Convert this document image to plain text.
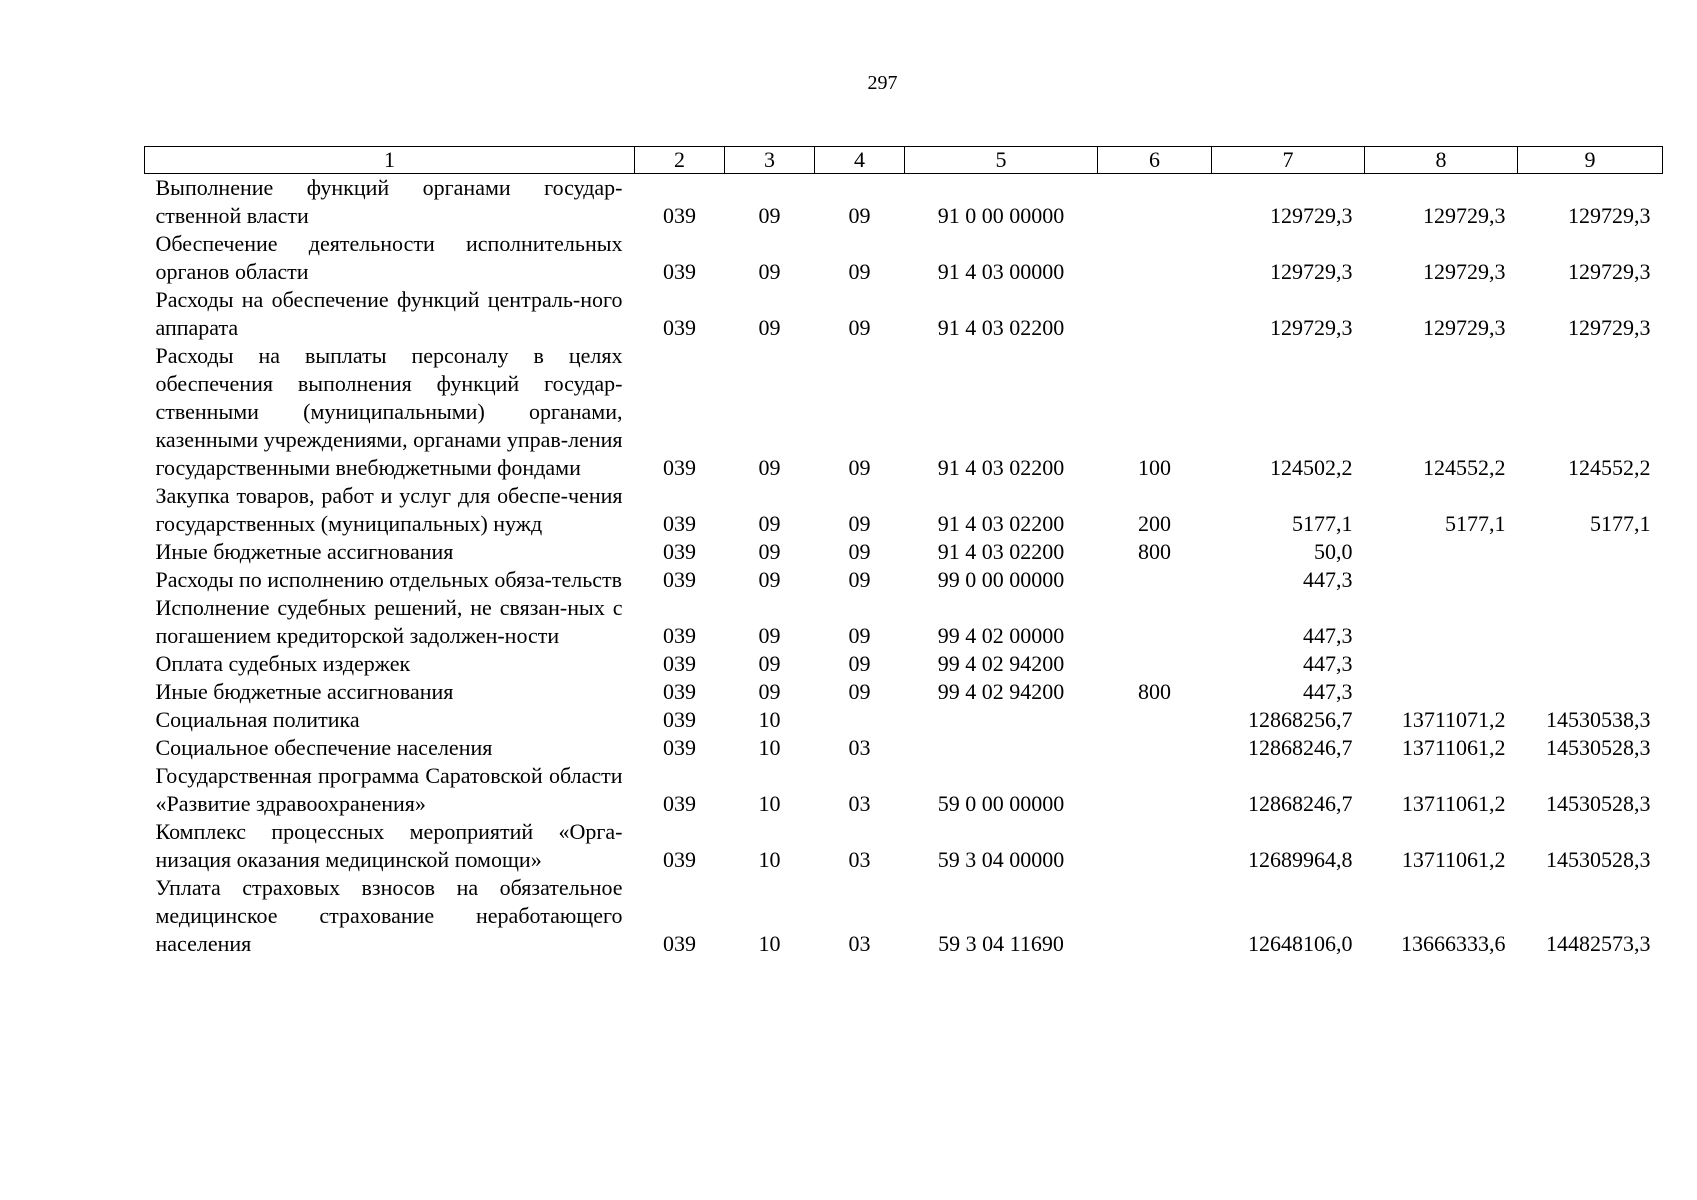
297
1	2	3	4	5	6	7	8	9
Выполнение функций органами государ-ственной власти	039	09	09	91 0 00 00000		129729,3	129729,3	129729,3
Обеспечение деятельности исполнительных органов области	039	09	09	91 4 03 00000		129729,3	129729,3	129729,3
Расходы на обеспечение функций централь-ного аппарата	039	09	09	91 4 03 02200		129729,3	129729,3	129729,3
Расходы на выплаты персоналу в целях обеспечения выполнения функций государ-ственными (муниципальными) органами, казенными учреждениями, органами управ-ления государственными внебюджетными фондами	039	09	09	91 4 03 02200	100	124502,2	124552,2	124552,2
Закупка товаров, работ и услуг для обеспе-чения государственных (муниципальных) нужд	039	09	09	91 4 03 02200	200	5177,1	5177,1	5177,1
Иные бюджетные ассигнования	039	09	09	91 4 03 02200	800	50,0		
Расходы по исполнению отдельных обяза-тельств	039	09	09	99 0 00 00000		447,3		
Исполнение судебных решений, не связан-ных с погашением кредиторской задолжен-ности	039	09	09	99 4 02 00000		447,3		
Оплата судебных издержек	039	09	09	99 4 02 94200		447,3		
Иные бюджетные ассигнования	039	09	09	99 4 02 94200	800	447,3		
Социальная политика	039	10				12868256,7	13711071,2	14530538,3
Социальное обеспечение населения	039	10	03			12868246,7	13711061,2	14530528,3
Государственная программа Саратовской области «Развитие здравоохранения»	039	10	03	59 0 00 00000		12868246,7	13711061,2	14530528,3
Комплекс процессных мероприятий «Орга-низация оказания медицинской помощи»	039	10	03	59 3 04 00000		12689964,8	13711061,2	14530528,3
Уплата страховых взносов на обязательное медицинское страхование неработающего населения	039	10	03	59 3 04 11690		12648106,0	13666333,6	14482573,3
